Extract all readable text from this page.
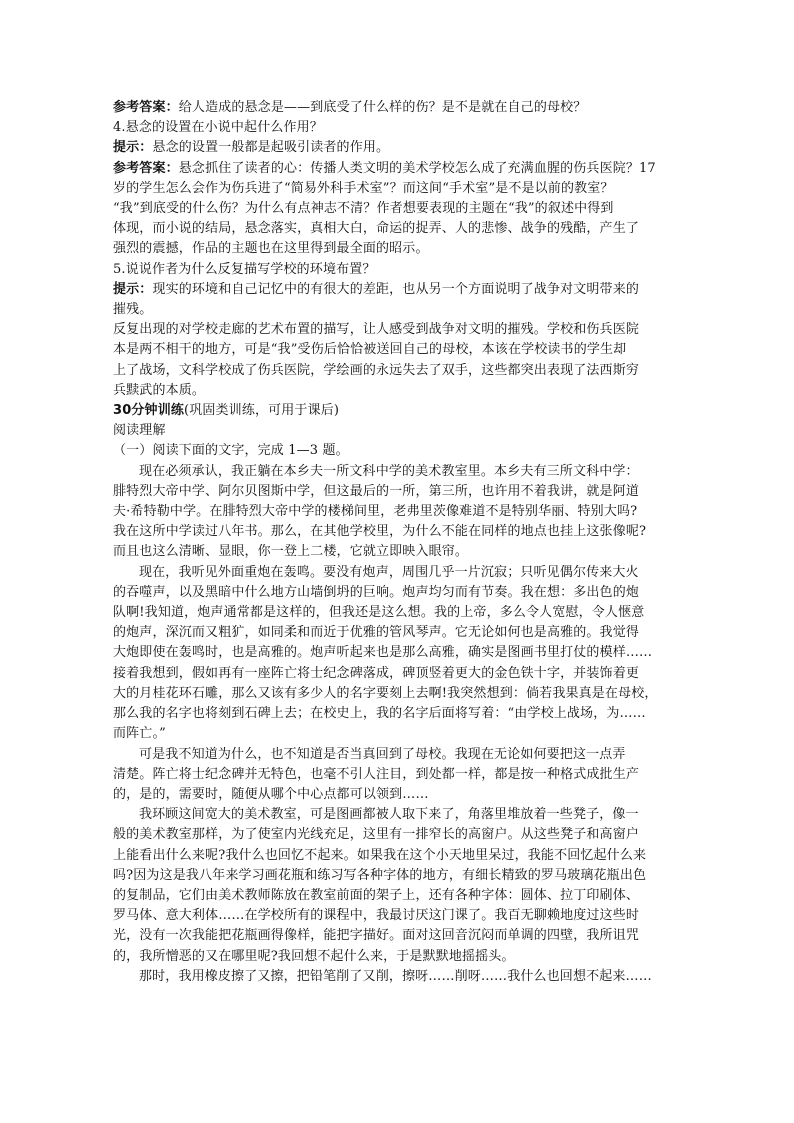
参考答案：给人造成的悬念是——到底受了什么样的伤？是不是就在自己的母校？
4.悬念的设置在小说中起什么作用？
提示：悬念的设置一般都是起吸引读者的作用。
参考答案：悬念抓住了读者的心：传播人类文明的美术学校怎么成了充满血腥的伤兵医院？17
岁的学生怎么会作为伤兵进了“简易外科手术室”？而这间“手术室”是不是以前的教室？
“我”到底受的什么伤？为什么有点神志不清？作者想要表现的主题在“我”的叙述中得到
体现，而小说的结局，悬念落实，真相大白，命运的捉弄、人的悲惨、战争的残酷，产生了
强烈的震撼，作品的主题也在这里得到最全面的昭示。
5.说说作者为什么反复描写学校的环境布置？
提示：现实的环境和自己记忆中的有很大的差距，也从另一个方面说明了战争对文明带来的
摧残。
反复出现的对学校走廊的艺术布置的描写，让人感受到战争对文明的摧残。学校和伤兵医院
本是两不相干的地方，可是“我”受伤后恰恰被送回自己的母校，本该在学校读书的学生却
上了战场，文科学校成了伤兵医院，学绘画的永远失去了双手，这些都突出表现了法西斯穷
兵黩武的本质。
30分钟训练(巩固类训练，可用于课后)
阅读理解
（一）阅读下面的文字，完成 1—3 题。
现在必须承认，我正躺在本乡夫一所文科中学的美术教室里。本乡夫有三所文科中学：
腓特烈大帝中学、阿尔贝图斯中学，但这最后的一所，第三所，也许用不着我讲，就是阿道
夫·希特勒中学。在腓特烈大帝中学的楼梯间里，老弗里茨像难道不是特别华丽、特别大吗?
我在这所中学读过八年书。那么，在其他学校里，为什么不能在同样的地点也挂上这张像呢?
而且也这么清晰、显眼，你一登上二楼，它就立即映入眼帘。
现在，我听见外面重炮在轰鸣。要没有炮声，周围几乎一片沉寂；只听见偶尔传来大火
的吞噬声，以及黑暗中什么地方山墙倒坍的巨响。炮声均匀而有节奏。我在想：多出色的炮
队啊!我知道，炮声通常都是这样的，但我还是这么想。我的上帝，多么令人宽慰，令人惬意
的炮声，深沉而又粗犷，如同柔和而近于优雅的管风琴声。它无论如何也是高雅的。我觉得
大炮即使在轰鸣时，也是高雅的。炮声听起来也是那么高雅，确实是图画书里打仗的模样……
接着我想到，假如再有一座阵亡将士纪念碑落成，碑顶竖着更大的金色铁十字，并装饰着更
大的月桂花环石雕，那么又该有多少人的名字要刻上去啊!我突然想到：倘若我果真是在母校，
那么我的名字也将刻到石碑上去；在校史上，我的名字后面将写着：“由学校上战场，为……
而阵亡。”
可是我不知道为什么，也不知道是否当真回到了母校。我现在无论如何要把这一点弄
清楚。阵亡将士纪念碑并无特色，也毫不引人注目，到处都一样，都是按一种格式成批生产
的，是的，需要时，随便从哪个中心点都可以领到……
我环顾这间宽大的美术教室，可是图画都被人取下来了，角落里堆放着一些凳子，像一
般的美术教室那样，为了使室内光线充足，这里有一排窄长的高窗户。从这些凳子和高窗户
上能看出什么来呢?我什么也回忆不起来。如果我在这个小天地里呆过，我能不回忆起什么来
吗?因为这是我八年来学习画花瓶和练习写各种字体的地方，有细长精致的罗马玻璃花瓶出色
的复制品，它们由美术教师陈放在教室前面的架子上，还有各种字体：圆体、拉丁印刷体、
罗马体、意大利体……在学校所有的课程中，我最讨厌这门课了。我百无聊赖地度过这些时
光，没有一次我能把花瓶画得像样，能把字描好。面对这回音沉闷而单调的四壁，我所诅咒
的，我所憎恶的又在哪里呢?我回想不起什么来，于是默默地摇摇头。
那时，我用橡皮擦了又擦，把铅笔削了又削，擦呀……削呀……我什么也回想不起来……
